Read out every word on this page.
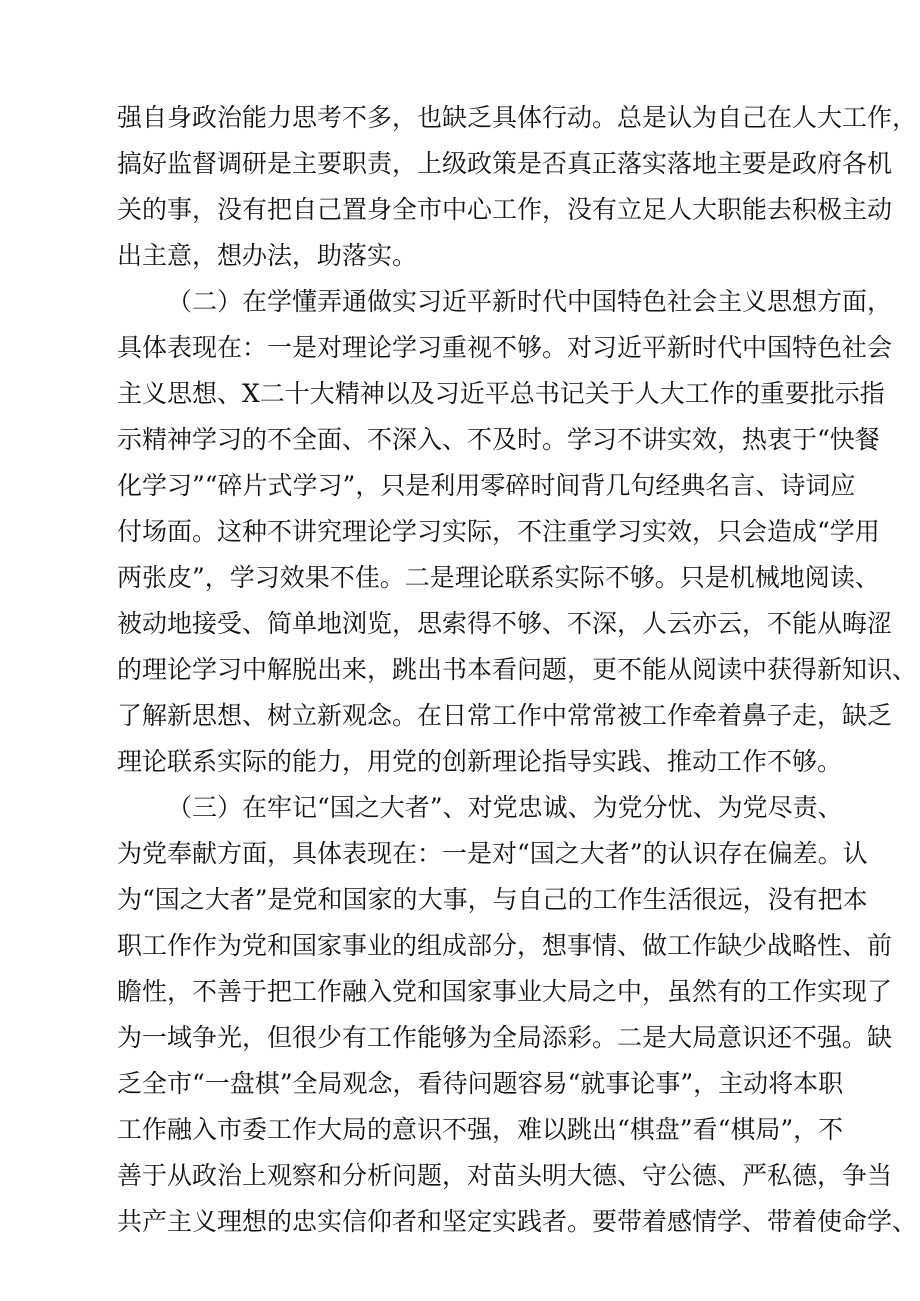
强自身政治能力思考不多，也缺乏具体行动。总是认为自己在人大工作，
搞好监督调研是主要职责，上级政策是否真正落实落地主要是政府各机
关的事，没有把自己置身全市中心工作，没有立足人大职能去积极主动
出主意，想办法，助落实。
（二）在学懂弄通做实习近平新时代中国特色社会主义思想方面，
具体表现在：一是对理论学习重视不够。对习近平新时代中国特色社会
主义思想、X二十大精神以及习近平总书记关于人大工作的重要批示指
示精神学习的不全面、不深入、不及时。学习不讲实效，热衷于“快餐
化学习”“碎片式学习”，只是利用零碎时间背几句经典名言、诗词应
付场面。这种不讲究理论学习实际，不注重学习实效，只会造成“学用
两张皮”，学习效果不佳。二是理论联系实际不够。只是机械地阅读、
被动地接受、简单地浏览，思索得不够、不深，人云亦云，不能从晦涩
的理论学习中解脱出来，跳出书本看问题，更不能从阅读中获得新知识、
了解新思想、树立新观念。在日常工作中常常被工作牵着鼻子走，缺乏
理论联系实际的能力，用党的创新理论指导实践、推动工作不够。
（三）在牢记“国之大者”、对党忠诚、为党分忧、为党尽责、
为党奉献方面，具体表现在：一是对“国之大者”的认识存在偏差。认
为“国之大者”是党和国家的大事，与自己的工作生活很远，没有把本
职工作作为党和国家事业的组成部分，想事情、做工作缺少战略性、前
瞻性，不善于把工作融入党和国家事业大局之中，虽然有的工作实现了
为一域争光，但很少有工作能够为全局添彩。二是大局意识还不强。缺
乏全市“一盘棋”全局观念，看待问题容易“就事论事”，主动将本职
工作融入市委工作大局的意识不强，难以跳出“棋盘”看“棋局”，不
善于从政治上观察和分析问题，对苗头明大德、守公德、严私德，争当
共产主义理想的忠实信仰者和坚定实践者。要带着感情学、带着使命学、
